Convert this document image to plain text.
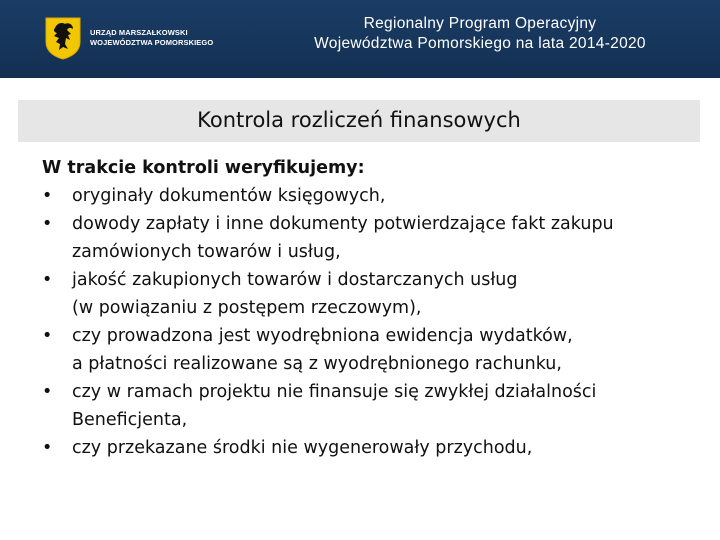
URZĄD MARSZAŁKOWSKI
WOJEWÓDZTWA POMORSKIEGO
Regionalny Program Operacyjny
Województwa Pomorskiego na lata 2014-2020
Kontrola rozliczeń finansowych
W trakcie kontroli weryfikujemy:
• oryginały dokumentów księgowych,
• dowody zapłaty i inne dokumenty potwierdzające fakt zakupu
zamówionych towarów i usług,
• jakość zakupionych towarów i dostarczanych usług
(w powiązaniu z postępem rzeczowym),
• czy prowadzona jest wyodrębniona ewidencja wydatków,
a płatności realizowane są z wyodrębnionego rachunku,
• czy w ramach projektu nie finansuje się zwykłej działalności
Beneficjenta,
• czy przekazane środki nie wygenerowały przychodu,
